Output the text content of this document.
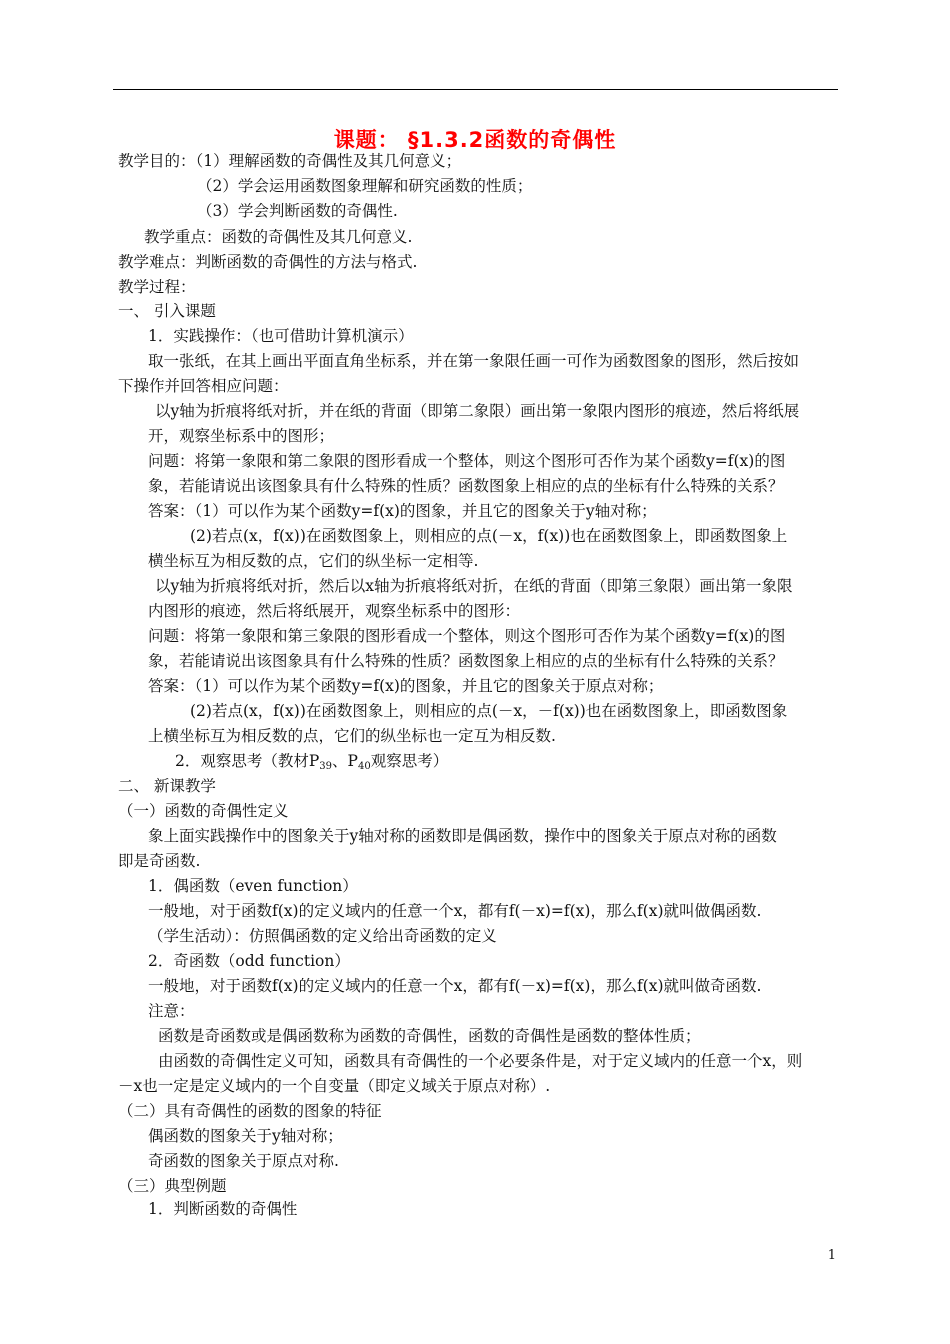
课题： §1.3.2函数的奇偶性
教学目的：（1）理解函数的奇偶性及其几何意义；
（2）学会运用函数图象理解和研究函数的性质；
（3）学会判断函数的奇偶性.
教学重点：函数的奇偶性及其几何意义.
教学难点：判断函数的奇偶性的方法与格式.
教学过程：
一、 引入课题
1．实践操作：（也可借助计算机演示）
取一张纸，在其上画出平面直角坐标系，并在第一象限任画一可作为函数图象的图形，然后按如
下操作并回答相应问题：
以y轴为折痕将纸对折，并在纸的背面（即第二象限）画出第一象限内图形的痕迹，然后将纸展
开，观察坐标系中的图形；
问题：将第一象限和第二象限的图形看成一个整体，则这个图形可否作为某个函数y=f(x)的图
象，若能请说出该图象具有什么特殊的性质？函数图象上相应的点的坐标有什么特殊的关系？
答案：（1）可以作为某个函数y=f(x)的图象，并且它的图象关于y轴对称；
(2)若点(x，f(x))在函数图象上，则相应的点(－x，f(x))也在函数图象上，即函数图象上
横坐标互为相反数的点，它们的纵坐标一定相等.
以y轴为折痕将纸对折，然后以x轴为折痕将纸对折，在纸的背面（即第三象限）画出第一象限
内图形的痕迹，然后将纸展开，观察坐标系中的图形：
问题：将第一象限和第三象限的图形看成一个整体，则这个图形可否作为某个函数y=f(x)的图
象，若能请说出该图象具有什么特殊的性质？函数图象上相应的点的坐标有什么特殊的关系？
答案：（1）可以作为某个函数y=f(x)的图象，并且它的图象关于原点对称；
(2)若点(x，f(x))在函数图象上，则相应的点(－x，－f(x))也在函数图象上，即函数图象
上横坐标互为相反数的点，它们的纵坐标也一定互为相反数.
2．观察思考（教材$P_{39}$、$P_{40}$观察思考）
二、 新课教学
（一）函数的奇偶性定义
象上面实践操作中的图象关于y轴对称的函数即是偶函数，操作中的图象关于原点对称的函数
即是奇函数.
1．偶函数（even function）
一般地，对于函数f(x)的定义域内的任意一个x，都有f(－x)=f(x)，那么f(x)就叫做偶函数.
（学生活动）：仿照偶函数的定义给出奇函数的定义
2．奇函数（odd function）
一般地，对于函数f(x)的定义域内的任意一个x，都有f(－x)=f(x)，那么f(x)就叫做奇函数.
注意：
函数是奇函数或是偶函数称为函数的奇偶性，函数的奇偶性是函数的整体性质；
由函数的奇偶性定义可知，函数具有奇偶性的一个必要条件是，对于定义域内的任意一个x，则
－x也一定是定义域内的一个自变量（即定义域关于原点对称）.
（二）具有奇偶性的函数的图象的特征
偶函数的图象关于y轴对称；
奇函数的图象关于原点对称.
（三）典型例题
1．判断函数的奇偶性
1
